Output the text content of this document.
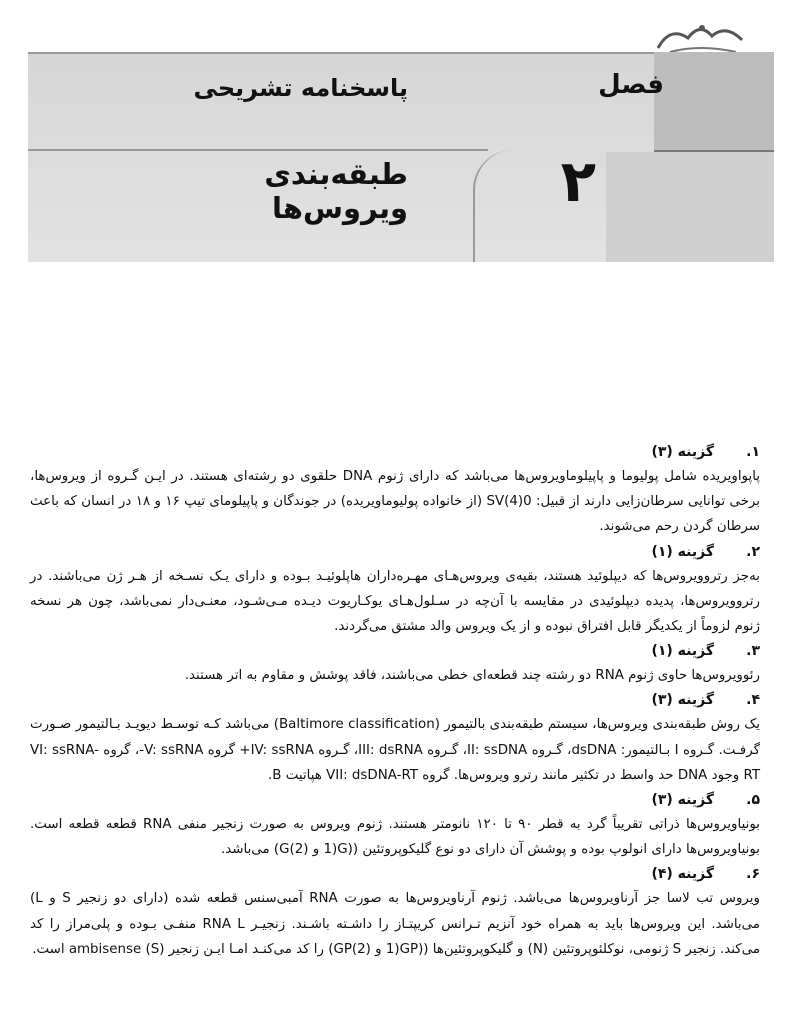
فصل
۲
پاسخنامه تشریحی
طبقه‌بندی ویروس‌ها
۱.
گزینه (۳)
پاپواویریده شامل پولیوما و پاپیلوماویروس‌ها می‌باشد که دارای ژنوم DNA حلقوی دو رشته‌ای هستند. در ایـن گـروه از ویروس‌ها، برخی توانایی سرطان‌زایی دارند از قبیل: SV(4)0 (از خانواده پولیوماویریده) در جوندگان و پاپیلومای تیپ ۱۶ و ۱۸ در انسان که باعث سرطان گردن رحم می‌شوند.
۲.
گزینه (۱)
به‌جز رتروویروس‌ها که دیپلوئید هستند، بقیه‌ی ویروس‌هـای مهـره‌داران هاپلوئیـد بـوده و دارای یـک نسـخه از هـر ژن می‌باشند. در رتروویروس‌ها، پدیده دیپلوئیدی در مقایسه با آن‌چه در سـلول‌هـای یوکـاریوت دیـده مـی‌شـود، معنـی‌دار نمی‌باشد، چون هر نسخه ژنوم لزوماً از یکدیگر قابل افتراق نبوده و از یک ویروس والد مشتق می‌گردند.
۳.
گزینه (۱)
رئوویروس‌ها حاوی ژنوم RNA دو رشته چند قطعه‌ای خطی می‌باشند، فاقد پوشش و مقاوم به اتر هستند.
۴.
گزینه (۳)
یک روش طبقه‌بندی ویروس‌ها، سیستم طبقه‌بندی بالتیمور (Baltimore classification) می‌باشد کـه توسـط دیویـد بـالتیمور صـورت گرفـت. گـروه I بـالتیمور: dsDNA، گـروه II: ssDNA، گـروه III: dsRNA، گـروه IV: ssRNA+ گروه V: ssRNA-، گروه VI: ssRNA-RT وجود DNA حد واسط در تکثیر مانند رترو ویروس‌ها. گروه VII: dsDNA-RT هپاتیت B.
۵.
گزینه (۳)
بونیاویروس‌ها ذراتی تقریباً گرد به قطر ۹۰ تا ۱۲۰ نانومتر هستند. ژنوم ویروس به صورت زنجیر منفی RNA قطعه قطعه است. بونیاویروس‌ها دارای انولوپ بوده و پوشش آن دارای دو نوع گلیکوپروتئین ((G(1 و G(2)) می‌باشد.
۶.
گزینه (۴)
ویروس تب لاسا جز آرناویروس‌ها می‌باشد. ژنوم آرناویروس‌ها به صورت RNA آمبی‌سنس قطعه شده (دارای دو زنجیر S و L) می‌باشد. این ویروس‌ها باید به همراه خود آنزیم تـرانس کریپتـاز را داشـته باشـند. زنجیـر RNA L منفـی بـوده و پلی‌مراز را کد می‌کند. زنجیر S ژنومی، نوکلئوپروتئین (N) و گلیکوپروتئین‌ها ((GP(1 و GP(2)) را کد می‌کنـد امـا ایـن زنجیر (S) ambisense است.
